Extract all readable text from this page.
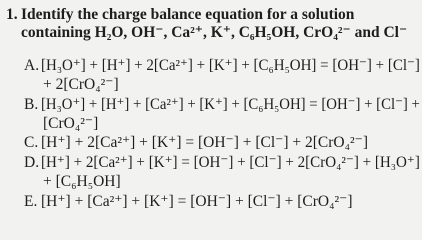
1. Identify the charge balance equation for a solution
containing H₂O, OH⁻, Ca²⁺, K⁺, C₆H₅OH, CrO₄²⁻ and Cl⁻
A. [H₃O⁺] + [H⁺] + 2[Ca²⁺] + [K⁺] + [C₆H₅OH] = [OH⁻] + [Cl⁻]
+ 2[CrO₄²⁻]
B. [H₃O⁺] + [H⁺] + [Ca²⁺] + [K⁺] + [C₆H₅OH] = [OH⁻] + [Cl⁻] +
[CrO₄²⁻]
C. [H⁺] + 2[Ca²⁺] + [K⁺] = [OH⁻] + [Cl⁻] + 2[CrO₄²⁻]
D. [H⁺] + 2[Ca²⁺] + [K⁺] = [OH⁻] + [Cl⁻] + 2[CrO₄²⁻] + [H₃O⁺]
+ [C₆H₅OH]
E. [H⁺] + [Ca²⁺] + [K⁺] = [OH⁻] + [Cl⁻] + [CrO₄²⁻]
